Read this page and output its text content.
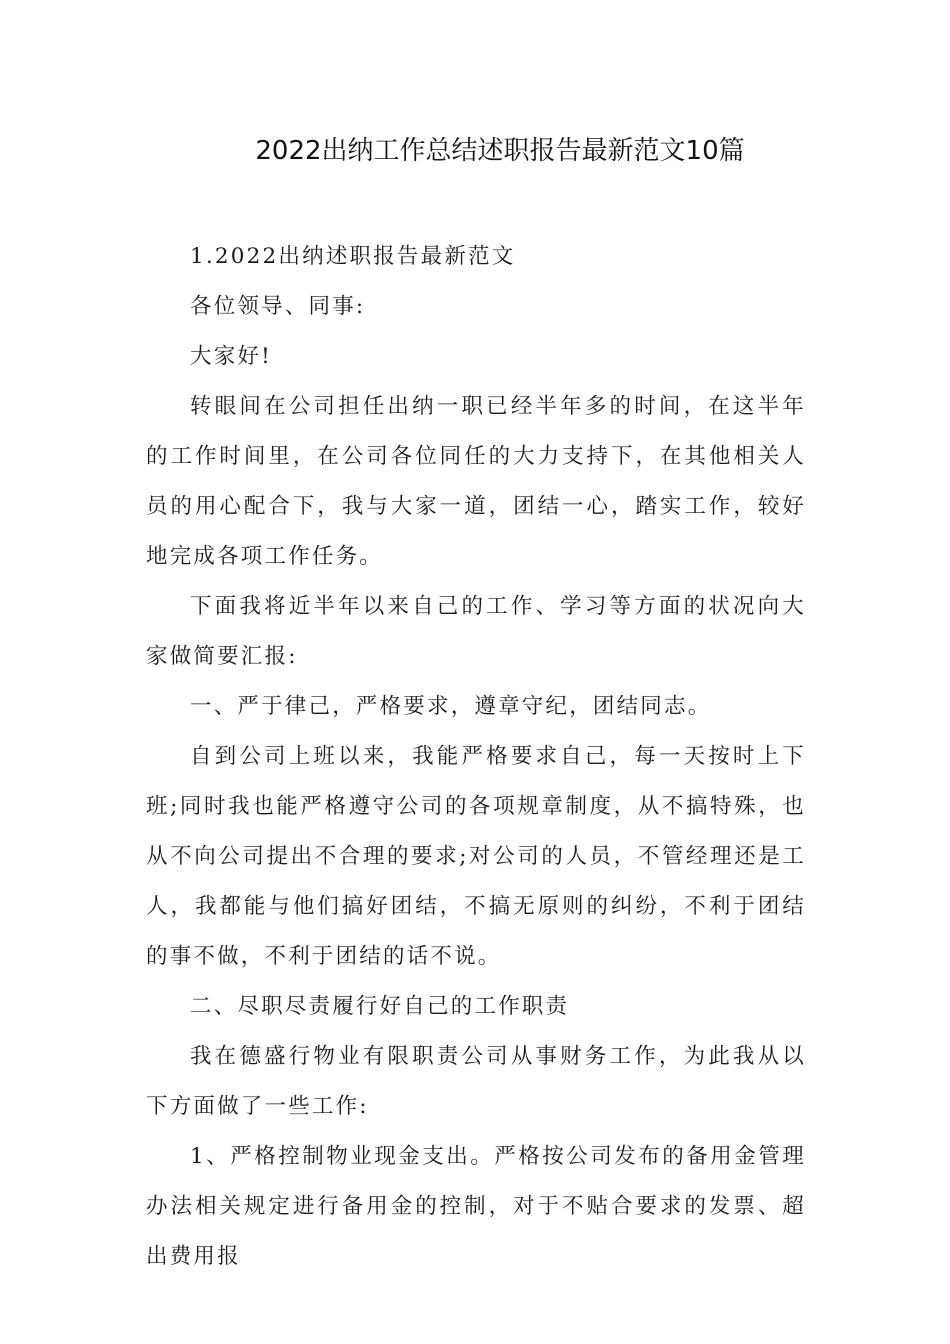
2022出纳工作总结述职报告最新范文10篇

1.2022出纳述职报告最新范文

各位领导、同事:

大家好!

转眼间在公司担任出纳一职已经半年多的时间，在这半年的工作时间里，在公司各位同任的大力支持下，在其他相关人员的用心配合下，我与大家一道，团结一心，踏实工作，较好地完成各项工作任务。

下面我将近半年以来自己的工作、学习等方面的状况向大家做简要汇报:

一、严于律己，严格要求，遵章守纪，团结同志。

自到公司上班以来，我能严格要求自己，每一天按时上下班;同时我也能严格遵守公司的各项规章制度，从不搞特殊，也从不向公司提出不合理的要求;对公司的人员，不管经理还是工人，我都能与他们搞好团结，不搞无原则的纠纷，不利于团结的事不做，不利于团结的话不说。

二、尽职尽责履行好自己的工作职责

我在德盛行物业有限职责公司从事财务工作，为此我从以下方面做了一些工作:

1、严格控制物业现金支出。严格按公司发布的备用金管理办法相关规定进行备用金的控制，对于不贴合要求的发票、超出费用报
